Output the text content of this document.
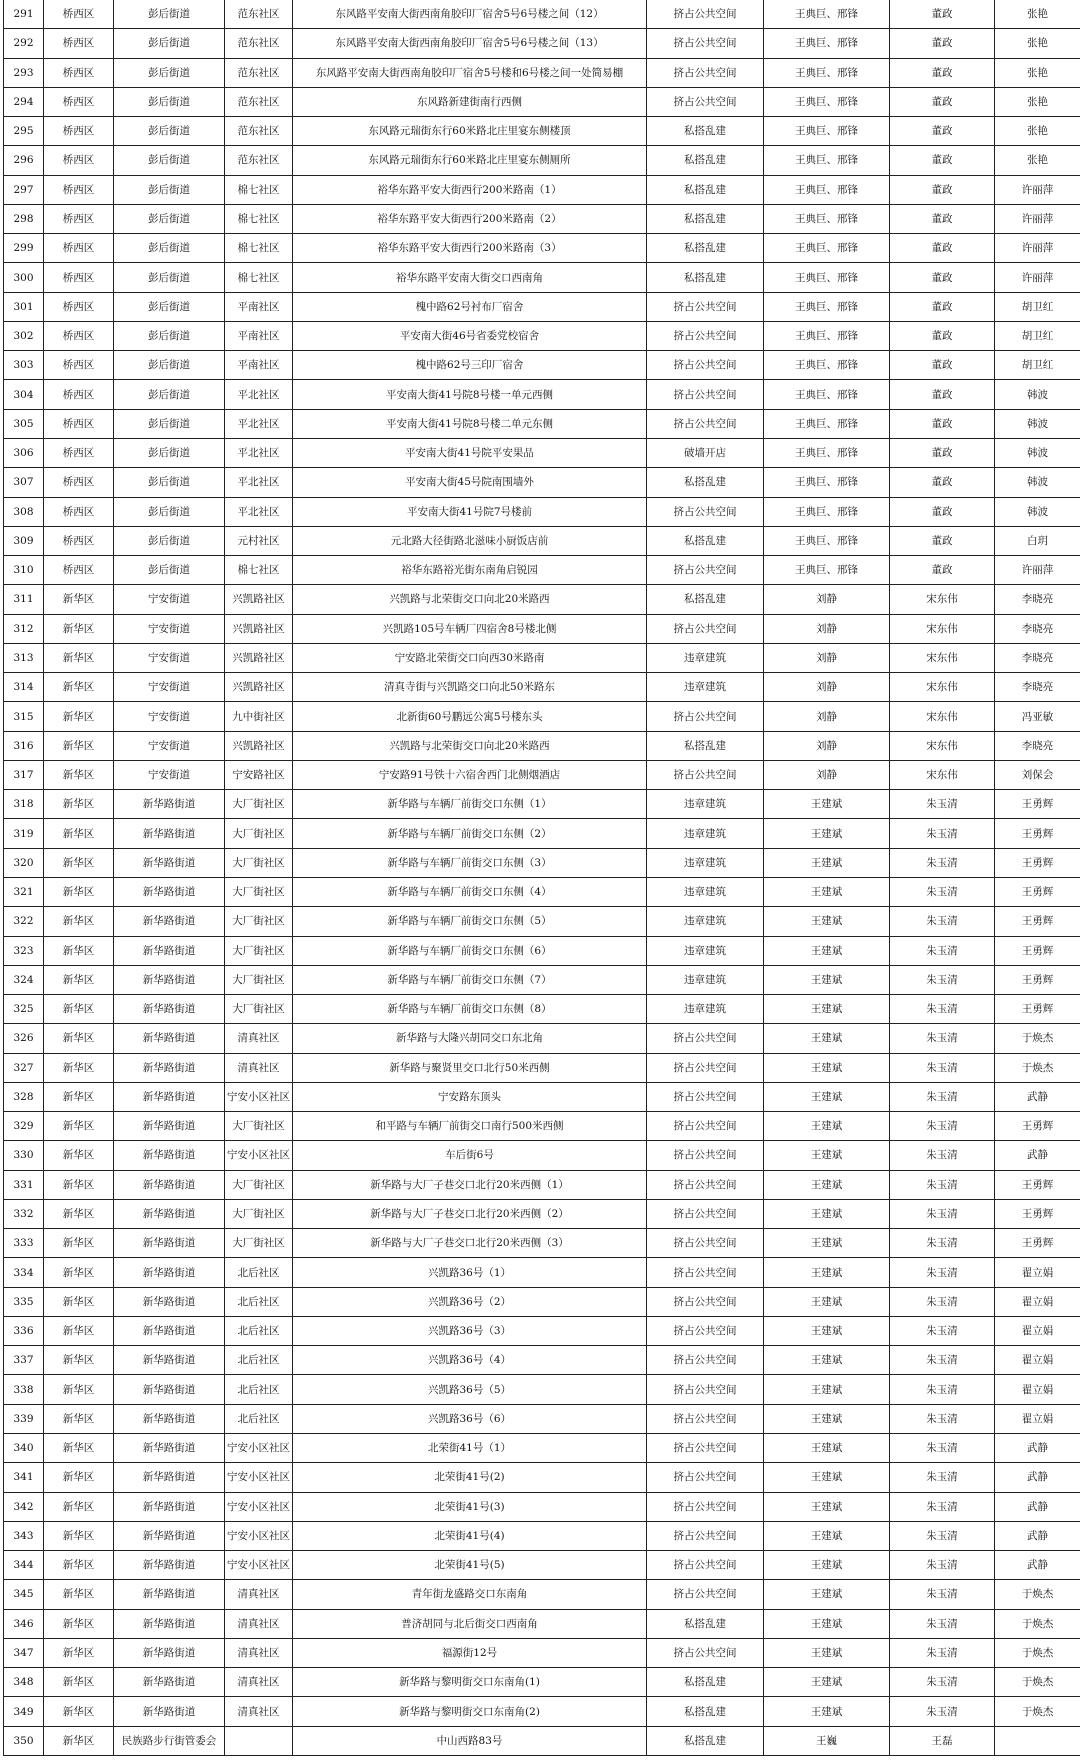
291	桥西区	彭后街道	范东社区	东风路平安南大街西南角胶印厂宿舍5号6号楼之间（12）	挤占公共空间	王典巨、邢锋	董政	张艳
292	桥西区	彭后街道	范东社区	东风路平安南大街西南角胶印厂宿舍5号6号楼之间（13）	挤占公共空间	王典巨、邢锋	董政	张艳
293	桥西区	彭后街道	范东社区	东风路平安南大街西南角胶印厂宿舍5号楼和6号楼之间一处简易棚	挤占公共空间	王典巨、邢锋	董政	张艳
294	桥西区	彭后街道	范东社区	东风路新建街南行西侧	挤占公共空间	王典巨、邢锋	董政	张艳
295	桥西区	彭后街道	范东社区	东风路元瑞街东行60米路北庄里宴东侧楼顶	私搭乱建	王典巨、邢锋	董政	张艳
296	桥西区	彭后街道	范东社区	东风路元瑞街东行60米路北庄里宴东侧厕所	私搭乱建	王典巨、邢锋	董政	张艳
297	桥西区	彭后街道	棉七社区	裕华东路平安大街西行200米路南（1）	私搭乱建	王典巨、邢锋	董政	许丽萍
298	桥西区	彭后街道	棉七社区	裕华东路平安大街西行200米路南（2）	私搭乱建	王典巨、邢锋	董政	许丽萍
299	桥西区	彭后街道	棉七社区	裕华东路平安大街西行200米路南（3）	私搭乱建	王典巨、邢锋	董政	许丽萍
300	桥西区	彭后街道	棉七社区	裕华东路平安南大街交口西南角	私搭乱建	王典巨、邢锋	董政	许丽萍
301	桥西区	彭后街道	平南社区	槐中路62号衬布厂宿舍	挤占公共空间	王典巨、邢锋	董政	胡卫红
302	桥西区	彭后街道	平南社区	平安南大街46号省委党校宿舍	挤占公共空间	王典巨、邢锋	董政	胡卫红
303	桥西区	彭后街道	平南社区	槐中路62号三印厂宿舍	挤占公共空间	王典巨、邢锋	董政	胡卫红
304	桥西区	彭后街道	平北社区	平安南大街41号院8号楼一单元西侧	挤占公共空间	王典巨、邢锋	董政	韩波
305	桥西区	彭后街道	平北社区	平安南大街41号院8号楼二单元东侧	挤占公共空间	王典巨、邢锋	董政	韩波
306	桥西区	彭后街道	平北社区	平安南大街41号院平安果品	破墙开店	王典巨、邢锋	董政	韩波
307	桥西区	彭后街道	平北社区	平安南大街45号院南围墙外	私搭乱建	王典巨、邢锋	董政	韩波
308	桥西区	彭后街道	平北社区	平安南大街41号院7号楼前	挤占公共空间	王典巨、邢锋	董政	韩波
309	桥西区	彭后街道	元村社区	元北路大径街路北滋味小厨饭店前	私搭乱建	王典巨、邢锋	董政	白玥
310	桥西区	彭后街道	棉七社区	裕华东路裕光街东南角启锐园	挤占公共空间	王典巨、邢锋	董政	许丽萍
311	新华区	宁安街道	兴凯路社区	兴凯路与北荣街交口向北20米路西	私搭乱建	刘静	宋东伟	李晓亮
312	新华区	宁安街道	兴凯路社区	兴凯路105号车辆厂四宿舍8号楼北侧	挤占公共空间	刘静	宋东伟	李晓亮
313	新华区	宁安街道	兴凯路社区	宁安路北荣街交口向西30米路南	违章建筑	刘静	宋东伟	李晓亮
314	新华区	宁安街道	兴凯路社区	清真寺街与兴凯路交口向北50米路东	违章建筑	刘静	宋东伟	李晓亮
315	新华区	宁安街道	九中街社区	北新街60号鹏远公寓5号楼东头	挤占公共空间	刘静	宋东伟	冯亚敏
316	新华区	宁安街道	兴凯路社区	兴凯路与北荣街交口向北20米路西	私搭乱建	刘静	宋东伟	李晓亮
317	新华区	宁安街道	宁安路社区	宁安路91号铁十六宿舍西门北侧烟酒店	挤占公共空间	刘静	宋东伟	刘保会
318	新华区	新华路街道	大厂街社区	新华路与车辆厂前街交口东侧（1）	违章建筑	王建斌	朱玉清	王勇辉
319	新华区	新华路街道	大厂街社区	新华路与车辆厂前街交口东侧（2）	违章建筑	王建斌	朱玉清	王勇辉
320	新华区	新华路街道	大厂街社区	新华路与车辆厂前街交口东侧（3）	违章建筑	王建斌	朱玉清	王勇辉
321	新华区	新华路街道	大厂街社区	新华路与车辆厂前街交口东侧（4）	违章建筑	王建斌	朱玉清	王勇辉
322	新华区	新华路街道	大厂街社区	新华路与车辆厂前街交口东侧（5）	违章建筑	王建斌	朱玉清	王勇辉
323	新华区	新华路街道	大厂街社区	新华路与车辆厂前街交口东侧（6）	违章建筑	王建斌	朱玉清	王勇辉
324	新华区	新华路街道	大厂街社区	新华路与车辆厂前街交口东侧（7）	违章建筑	王建斌	朱玉清	王勇辉
325	新华区	新华路街道	大厂街社区	新华路与车辆厂前街交口东侧（8）	违章建筑	王建斌	朱玉清	王勇辉
326	新华区	新华路街道	清真社区	新华路与大隆兴胡同交口东北角	挤占公共空间	王建斌	朱玉清	于焕杰
327	新华区	新华路街道	清真社区	新华路与聚贤里交口北行50米西侧	挤占公共空间	王建斌	朱玉清	于焕杰
328	新华区	新华路街道	宁安小区社区	宁安路东顶头	挤占公共空间	王建斌	朱玉清	武静
329	新华区	新华路街道	大厂街社区	和平路与车辆厂前街交口南行500米西侧	挤占公共空间	王建斌	朱玉清	王勇辉
330	新华区	新华路街道	宁安小区社区	车后街6号	挤占公共空间	王建斌	朱玉清	武静
331	新华区	新华路街道	大厂街社区	新华路与大厂子巷交口北行20米西侧（1）	挤占公共空间	王建斌	朱玉清	王勇辉
332	新华区	新华路街道	大厂街社区	新华路与大厂子巷交口北行20米西侧（2）	挤占公共空间	王建斌	朱玉清	王勇辉
333	新华区	新华路街道	大厂街社区	新华路与大厂子巷交口北行20米西侧（3）	挤占公共空间	王建斌	朱玉清	王勇辉
334	新华区	新华路街道	北后社区	兴凯路36号（1）	挤占公共空间	王建斌	朱玉清	翟立娟
335	新华区	新华路街道	北后社区	兴凯路36号（2）	挤占公共空间	王建斌	朱玉清	翟立娟
336	新华区	新华路街道	北后社区	兴凯路36号（3）	挤占公共空间	王建斌	朱玉清	翟立娟
337	新华区	新华路街道	北后社区	兴凯路36号（4）	挤占公共空间	王建斌	朱玉清	翟立娟
338	新华区	新华路街道	北后社区	兴凯路36号（5）	挤占公共空间	王建斌	朱玉清	翟立娟
339	新华区	新华路街道	北后社区	兴凯路36号（6）	挤占公共空间	王建斌	朱玉清	翟立娟
340	新华区	新华路街道	宁安小区社区	北荣街41号（1）	挤占公共空间	王建斌	朱玉清	武静
341	新华区	新华路街道	宁安小区社区	北荣街41号(2)	挤占公共空间	王建斌	朱玉清	武静
342	新华区	新华路街道	宁安小区社区	北荣街41号(3)	挤占公共空间	王建斌	朱玉清	武静
343	新华区	新华路街道	宁安小区社区	北荣街41号(4)	挤占公共空间	王建斌	朱玉清	武静
344	新华区	新华路街道	宁安小区社区	北荣街41号(5)	挤占公共空间	王建斌	朱玉清	武静
345	新华区	新华路街道	清真社区	青年街龙盛路交口东南角	挤占公共空间	王建斌	朱玉清	于焕杰
346	新华区	新华路街道	清真社区	普济胡同与北后街交口西南角	私搭乱建	王建斌	朱玉清	于焕杰
347	新华区	新华路街道	清真社区	福源街12号	挤占公共空间	王建斌	朱玉清	于焕杰
348	新华区	新华路街道	清真社区	新华路与黎明街交口东南角(1)	私搭乱建	王建斌	朱玉清	于焕杰
349	新华区	新华路街道	清真社区	新华路与黎明街交口东南角(2)	私搭乱建	王建斌	朱玉清	于焕杰
350	新华区	民族路步行街管委会		中山西路83号	私搭乱建	王巍	王磊	
